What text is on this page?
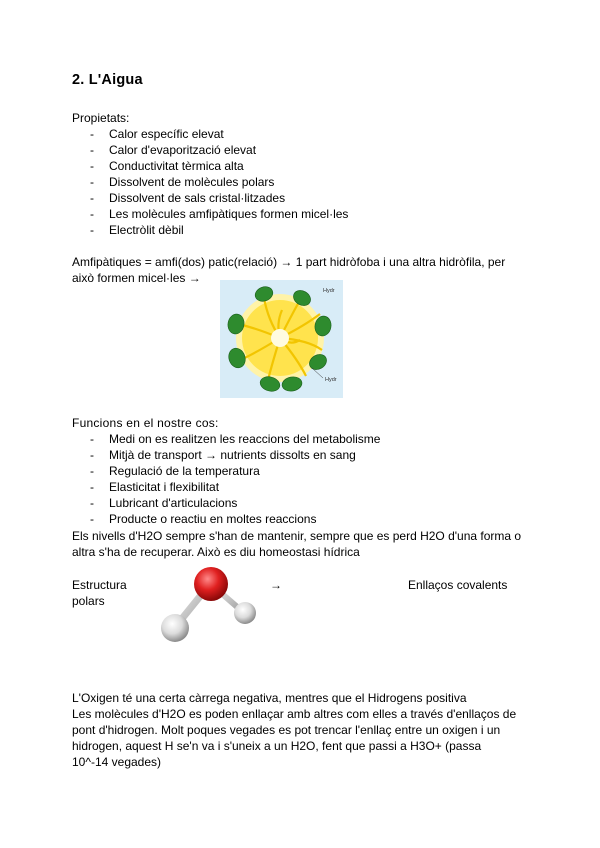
2. L'Aigua
Propietats:
- Calor específic elevat
- Calor d'evaporització elevat
- Conductivitat tèrmica alta
- Dissolvent de molècules polars
- Dissolvent de sals cristal·litzades
- Les molècules amfipàtiques formen micel·les
- Electròlit dèbil
Amfipàtiques = amfi(dos) patic(relació) → 1 part hidròfoba i una altra hidròfila, per
això formen micel·les →
Hydr
Hydr
Funcions en el nostre cos:
- Medi on es realitzen les reaccions del metabolisme
- Mitjà de transport → nutrients dissolts en sang
- Regulació de la temperatura
- Elasticitat i flexibilitat
- Lubricant d'articulacions
- Producte o reactiu en moltes reaccions
Els nivells d'H2O sempre s'han de mantenir, sempre que es perd H2O d'una forma o
altra s'ha de recuperar. Això es diu homeostasi hídrica
Estructura	→	Enllaços covalents
polars
L'Oxigen té una certa càrrega negativa, mentres que el Hidrogens positiva
Les molècules d'H2O es poden enllaçar amb altres com elles a través d'enllaços de
pont d'hidrogen. Molt poques vegades es pot trencar l'enllaç entre un oxigen i un
hidrogen, aquest H se'n va i s'uneix a un H2O, fent que passi a H3O+ (passa
10^-14 vegades)
